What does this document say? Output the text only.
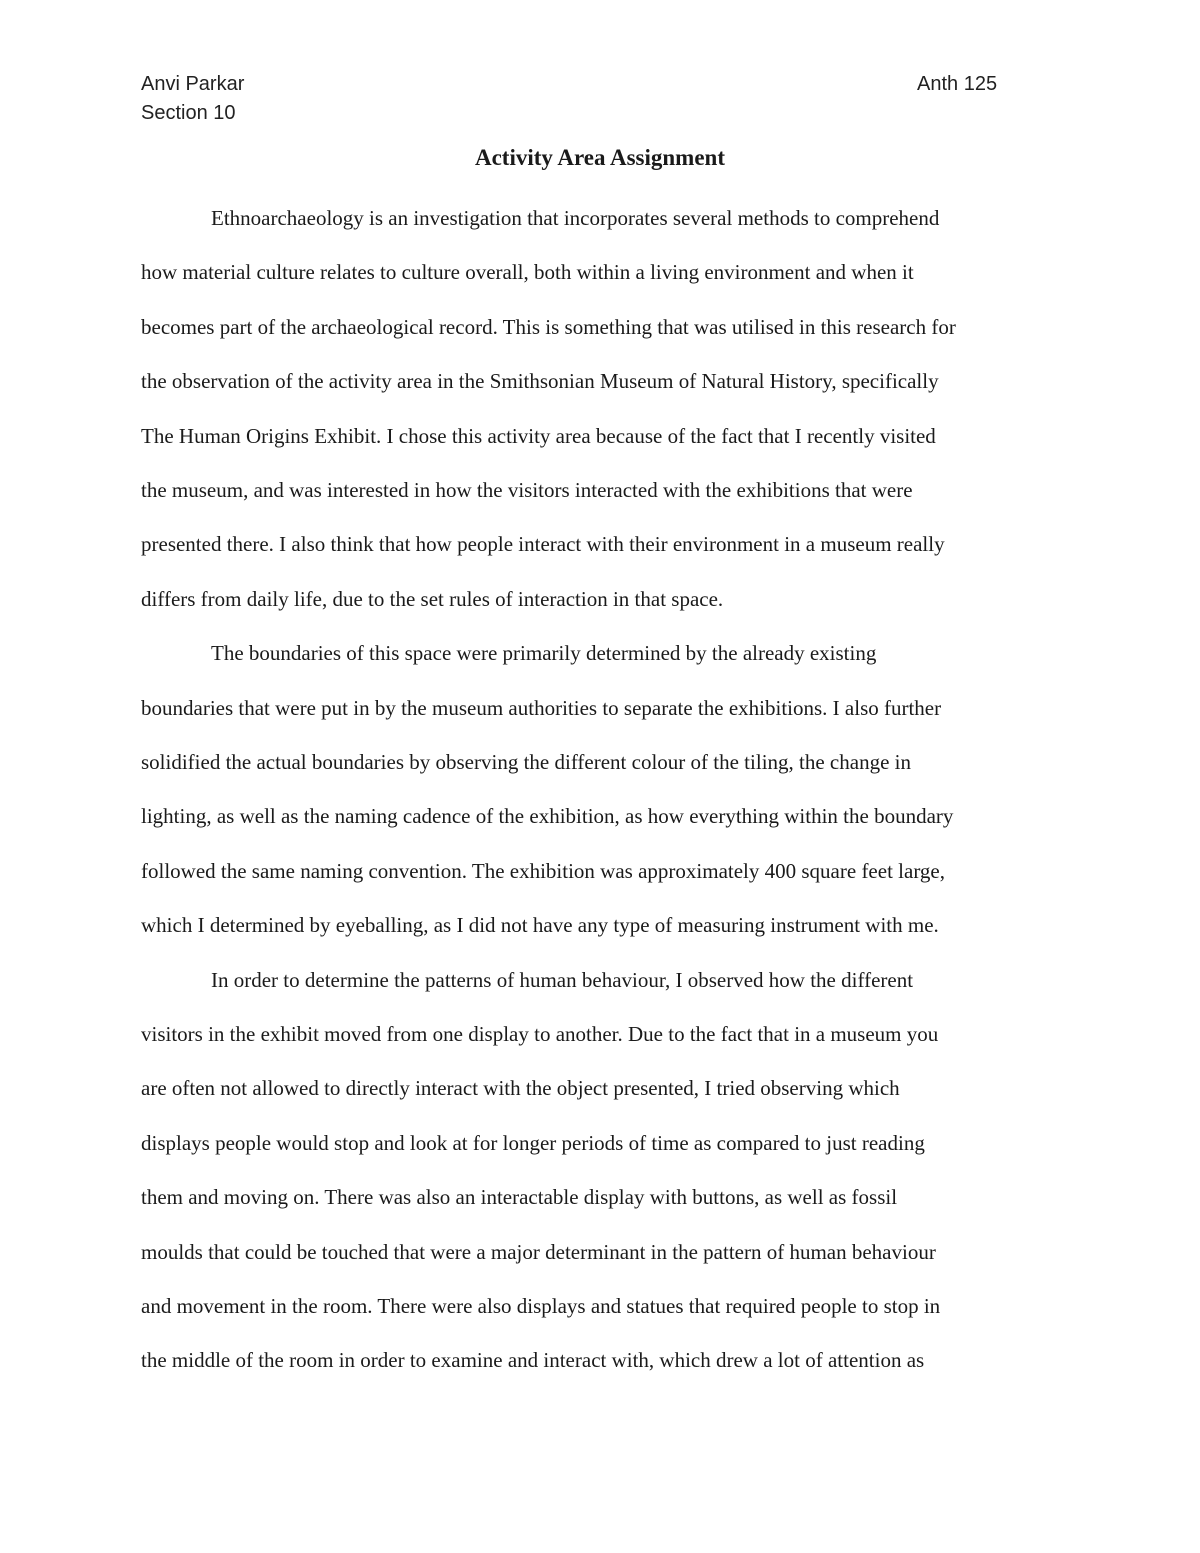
Anvi Parkar
Section 10
Anth 125
Activity Area Assignment
Ethnoarchaeology is an investigation that incorporates several methods to comprehend
how material culture relates to culture overall, both within a living environment and when it
becomes part of the archaeological record. This is something that was utilised in this research for
the observation of the activity area in the Smithsonian Museum of Natural History, specifically
The Human Origins Exhibit. I chose this activity area because of the fact that I recently visited
the museum, and was interested in how the visitors interacted with the exhibitions that were
presented there. I also think that how people interact with their environment in a museum really
differs from daily life, due to the set rules of interaction in that space.
The boundaries of this space were primarily determined by the already existing
boundaries that were put in by the museum authorities to separate the exhibitions. I also further
solidified the actual boundaries by observing the different colour of the tiling, the change in
lighting, as well as the naming cadence of the exhibition, as how everything within the boundary
followed the same naming convention. The exhibition was approximately 400 square feet large,
which I determined by eyeballing, as I did not have any type of measuring instrument with me.
In order to determine the patterns of human behaviour, I observed how the different
visitors in the exhibit moved from one display to another. Due to the fact that in a museum you
are often not allowed to directly interact with the object presented, I tried observing which
displays people would stop and look at for longer periods of time as compared to just reading
them and moving on. There was also an interactable display with buttons, as well as fossil
moulds that could be touched that were a major determinant in the pattern of human behaviour
and movement in the room. There were also displays and statues that required people to stop in
the middle of the room in order to examine and interact with, which drew a lot of attention as
